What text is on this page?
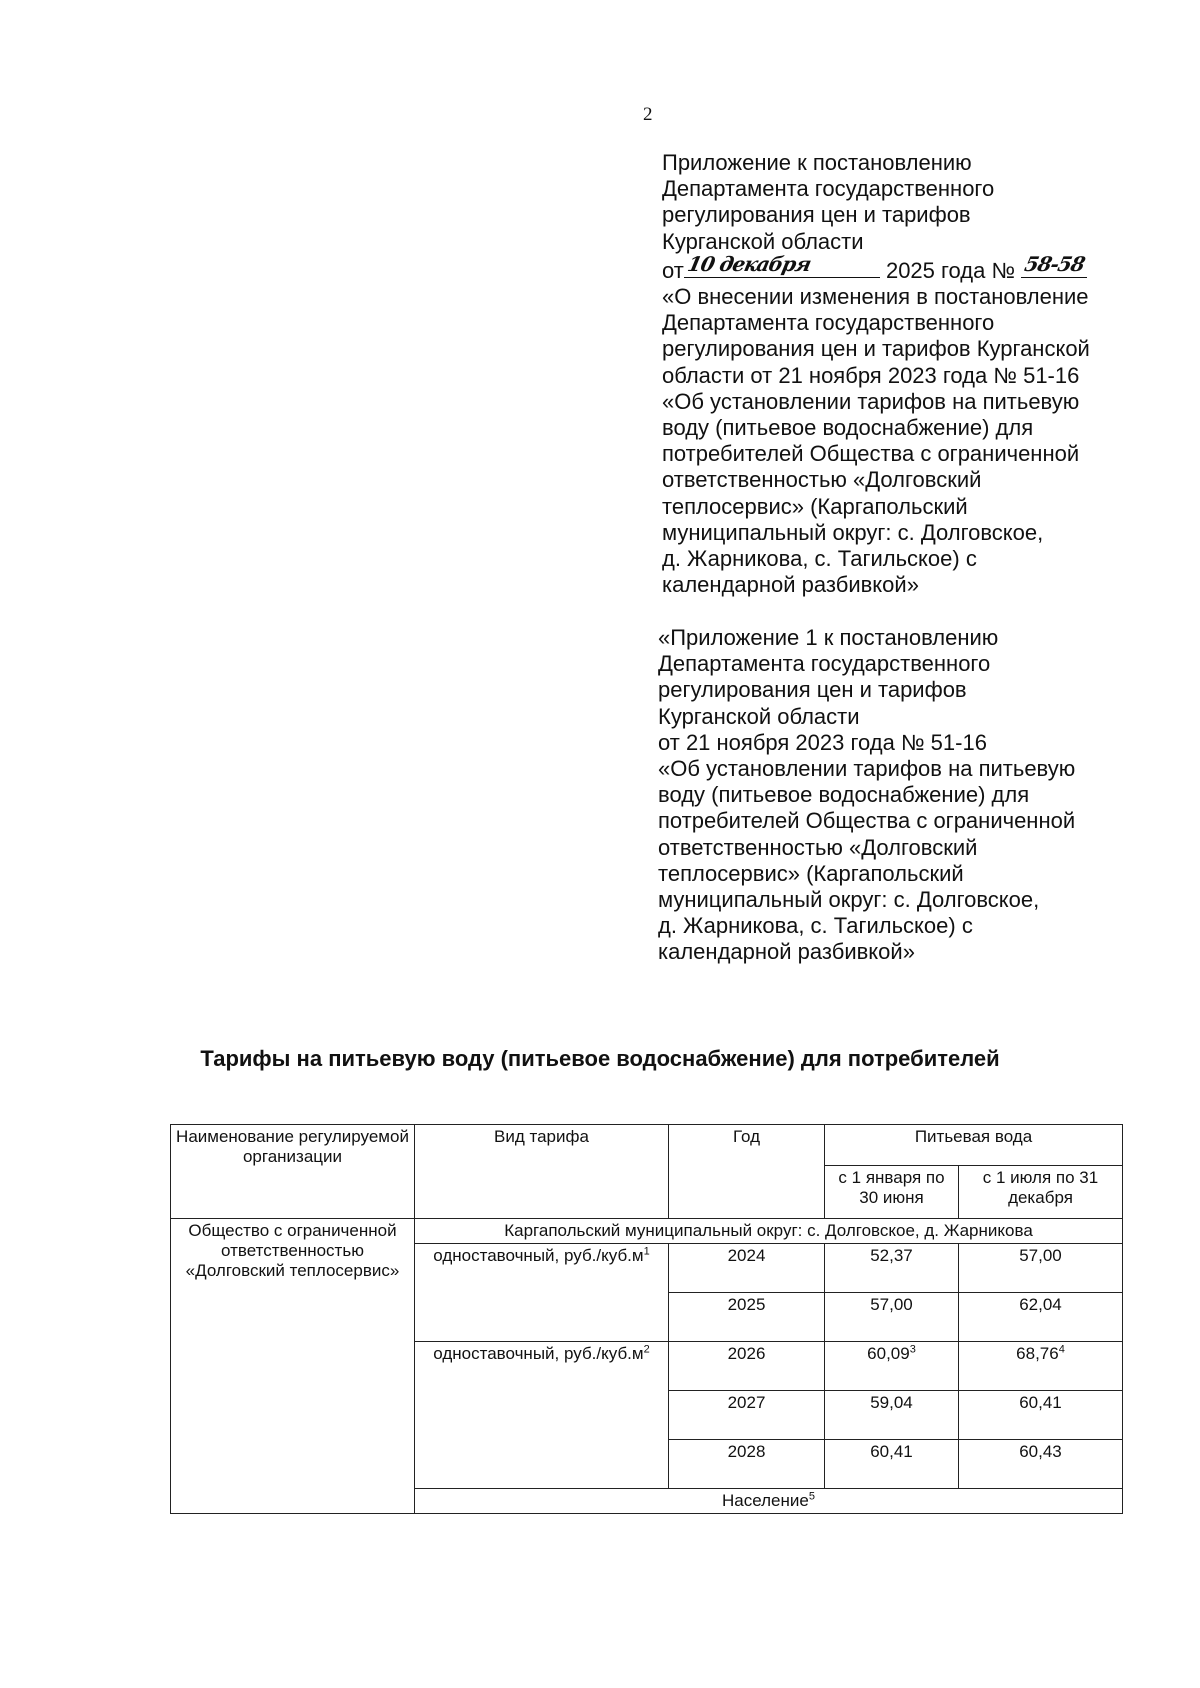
2
Приложение к постановлению
Департамента государственного
регулирования цен и тарифов
Курганской области
от 10 декабря	2025 года № 58-58
«О внесении изменения в постановление
Департамента государственного
регулирования цен и тарифов Курганской
области от 21 ноября 2023 года № 51-16
«Об установлении тарифов на питьевую
воду (питьевое водоснабжение) для
потребителей Общества с ограниченной
ответственностью «Долговский
теплосервис» (Каргапольский
муниципальный округ: с. Долговское,
д. Жарникова, с. Тагильское) с
календарной разбивкой»
«Приложение 1 к постановлению
Департамента государственного
регулирования цен и тарифов
Курганской области
от 21 ноября 2023 года № 51-16
«Об установлении тарифов на питьевую
воду (питьевое водоснабжение) для
потребителей Общества с ограниченной
ответственностью «Долговский
теплосервис» (Каргапольский
муниципальный округ: с. Долговское,
д. Жарникова, с. Тагильское) с
календарной разбивкой»
Тарифы на питьевую воду (питьевое водоснабжение) для потребителей
Наименование регулируемой организации	Вид тарифа	Год	Питьевая вода	
			с 1 января по 30 июня	с 1 июля по 31 декабря
Общество с ограниченной ответственностью «Долговский теплосервис»	Каргапольский муниципальный округ: с. Долговское, д. Жарникова			
	одноставочный, $руб./куб.м^1$	2024	52,37	57,00
		2025	57,00	62,04
	одноставочный, $руб./куб.м^2$	2026	60,09$^3$	68,76$^4$
		2027	59,04	60,41
		2028	60,41	60,43
	Население$^5$
